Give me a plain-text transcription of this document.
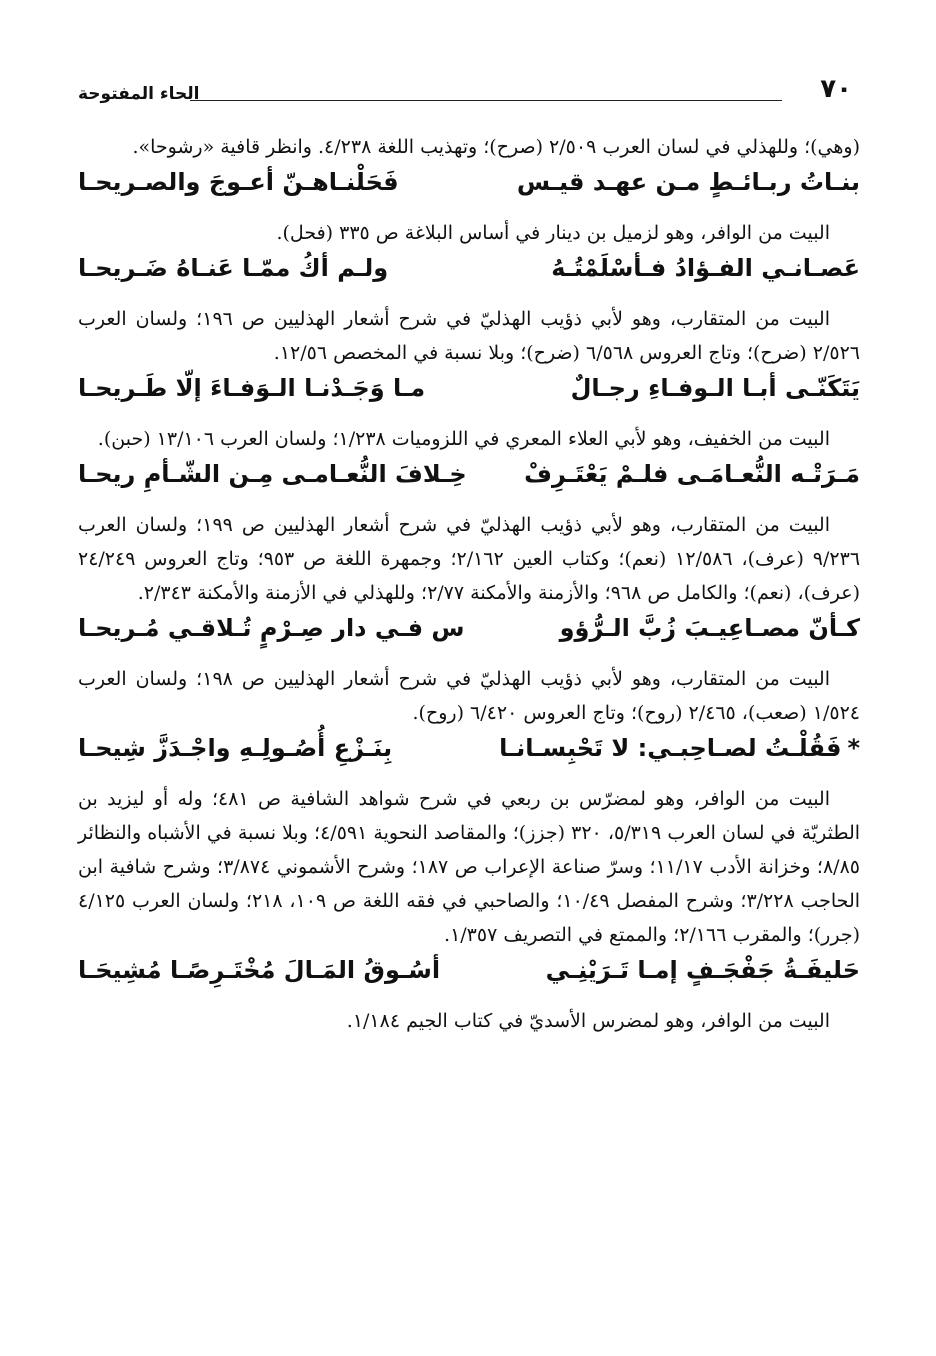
٧٠
الحاء المفتوحة

(وهي)؛ وللهذلي في لسان العرب ٢/٥٠٩ (صرح)؛ وتهذيب اللغة ٤/٢٣٨. وانظر قافية «رشوحا».

بنـاتُ ربـائـطٍ مـن عهـد قيـس
فَحَلْنـاهـنّ أعـوجَ والصـريحـا

البيت من الوافر، وهو لزميل بن دينار في أساس البلاغة ص ٣٣٥ (فحل).

عَصـانـي الفـؤادُ فـأسْلَمْتُـهُ
ولـم أكُ ممّـا عَنـاهُ ضَـريحـا

البيت من المتقارب، وهو لأبي ذؤيب الهذليّ في شرح أشعار الهذليين ص ١٩٦؛ ولسان العرب ٢/٥٢٦ (ضرح)؛ وتاج العروس ٦/٥٦٨ (ضرح)؛ وبلا نسبة في المخصص ١٢/٥٦.

يَتَكَنّـى أبـا الـوفـاءِ رجـالٌ
مـا وَجَـدْنـا الـوَفـاءَ إلّا طَـريحـا

البيت من الخفيف، وهو لأبي العلاء المعري في اللزوميات ١/٢٣٨؛ ولسان العرب ١٣/١٠٦ (حبن).

مَـرَتْـه النُّعـامَـى فلـمْ يَعْتَـرِفْ
خِـلافَ النُّعـامـى مِـن الشّـأمِ ريحـا

البيت من المتقارب، وهو لأبي ذؤيب الهذليّ في شرح أشعار الهذليين ص ١٩٩؛ ولسان العرب ٩/٢٣٦ (عرف)، ١٢/٥٨٦ (نعم)؛ وكتاب العين ٢/١٦٢؛ وجمهرة اللغة ص ٩٥٣؛ وتاج العروس ٢٤/٢٤٩ (عرف)، (نعم)؛ والكامل ص ٩٦٨؛ والأزمنة والأمكنة ٢/٧٧؛ وللهذلي في الأزمنة والأمكنة ٢/٣٤٣.

كـأنّ مصـاعِيـبَ زُبَّ الـرُّؤو
س فـي دار صِـرْمٍ تُـلاقـي مُـريحـا

البيت من المتقارب، وهو لأبي ذؤيب الهذليّ في شرح أشعار الهذليين ص ١٩٨؛ ولسان العرب ١/٥٢٤ (صعب)، ٢/٤٦٥ (روح)؛ وتاج العروس ٦/٤٢٠ (روح).

*فَقُلْـتُ لصـاحِبـي: لا تَحْبِسـانـا
بِنَـزْعِ أُصُـولِـهِ واجْـدَزَّ شِيحـا

البيت من الوافر، وهو لمضرّس بن ربعي في شرح شواهد الشافية ص ٤٨١؛ وله أو ليزيد بن الطثريّة في لسان العرب ٥/٣١٩، ٣٢٠ (جزز)؛ والمقاصد النحوية ٤/٥٩١؛ وبلا نسبة في الأشباه والنظائر ٨/٨٥؛ وخزانة الأدب ١١/١٧؛ وسرّ صناعة الإعراب ص ١٨٧؛ وشرح الأشموني ٣/٨٧٤؛ وشرح شافية ابن الحاجب ٣/٢٢٨؛ وشرح المفصل ١٠/٤٩؛ والصاحبي في فقه اللغة ص ١٠٩، ٢١٨؛ ولسان العرب ٤/١٢٥ (جرر)؛ والمقرب ٢/١٦٦؛ والممتع في التصريف ١/٣٥٧.

حَليفَـةُ جَفْجَـفٍ إمـا تَـرَيْنِـي
أسُـوقُ المَـالَ مُخْتَـرِصًـا مُشِيحَـا

البيت من الوافر، وهو لمضرس الأسديّ في كتاب الجيم ١/١٨٤.
